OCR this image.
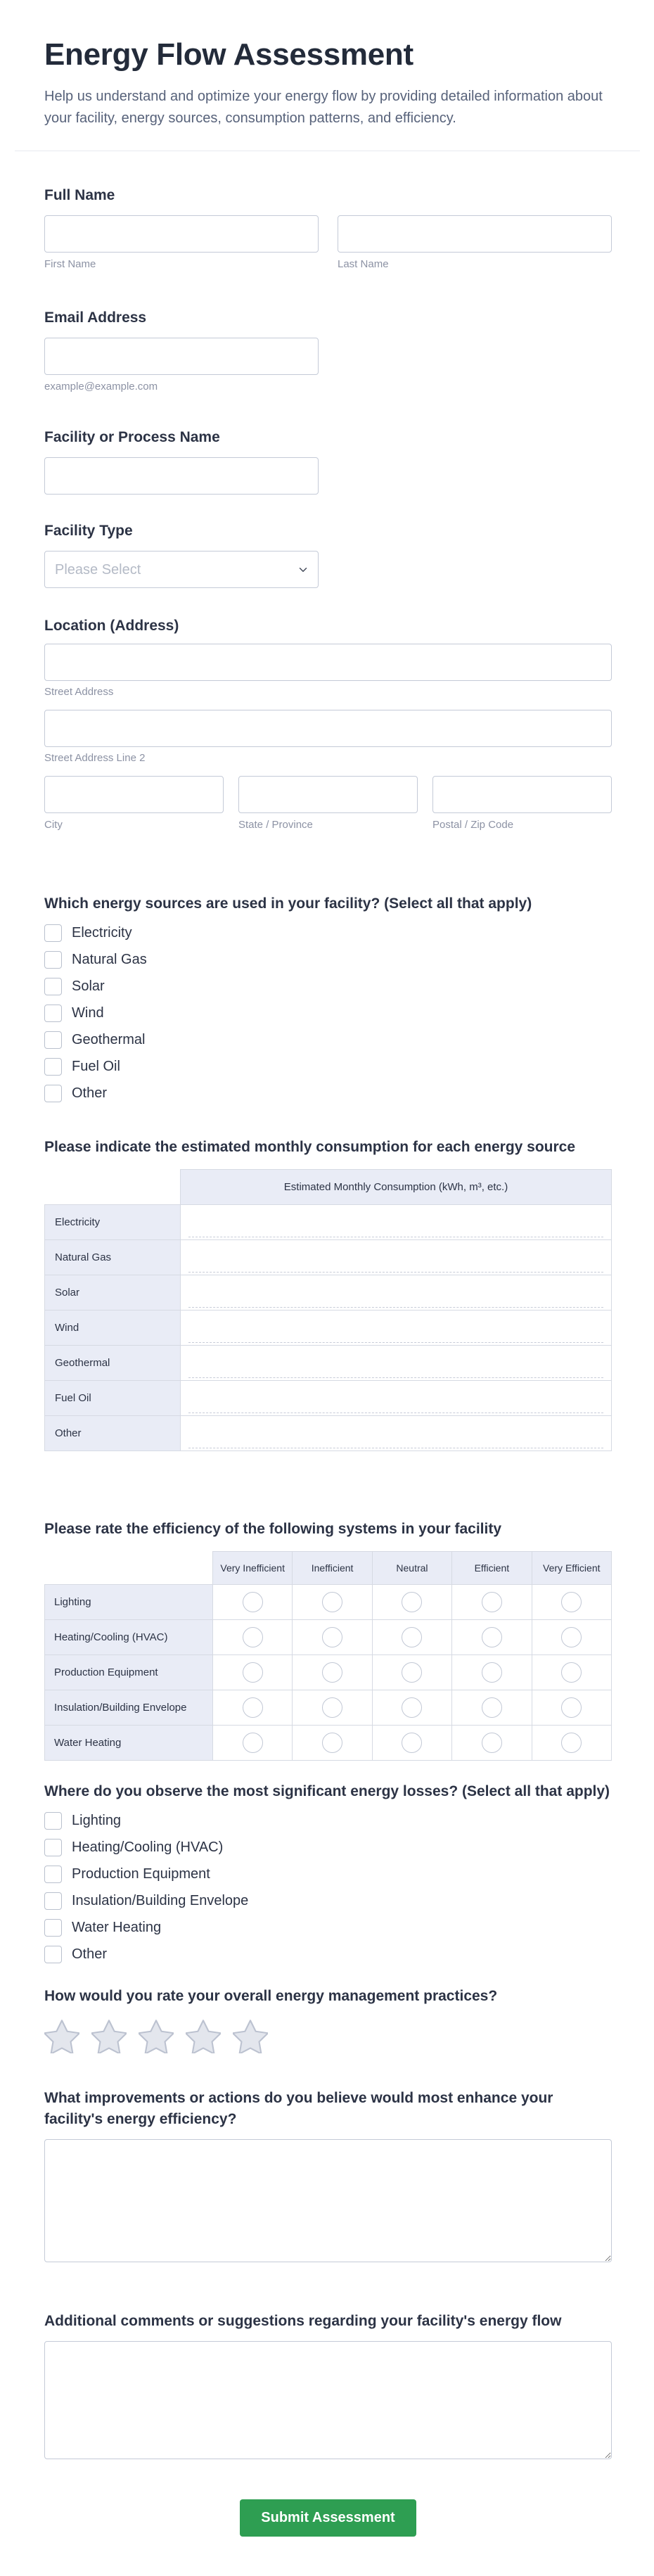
Energy Flow Assessment

Help us understand and optimize your energy flow by providing detailed information about your facility, energy sources, consumption patterns, and efficiency.

Full Name
First Name	Last Name
Email Address
example@example.com
Facility or Process Name
Facility Type
Please Select
Location (Address)
Street Address
Street Address Line 2
City	State / Province	Postal / Zip Code
Which energy sources are used in your facility? (Select all that apply)
Electricity
Natural Gas
Solar
Wind
Geothermal
Fuel Oil
Other
Please indicate the estimated monthly consumption for each energy source
	Estimated Monthly Consumption (kWh, m³, etc.)
Electricity	

Natural Gas	

Solar	

Wind	

Geothermal	

Fuel Oil	

Other	
Please rate the efficiency of the following systems in your facility
	Very Inefficient	Inefficient	Neutral	Efficient	Very Efficient
Lighting					
Heating/Cooling (HVAC)					
Production Equipment					
Insulation/Building Envelope					
Water Heating					
Where do you observe the most significant energy losses? (Select all that apply)
Lighting
Heating/Cooling (HVAC)
Production Equipment
Insulation/Building Envelope
Water Heating
Other
How would you rate your overall energy management practices?
What improvements or actions do you believe would most enhance your facility's energy efficiency?
Additional comments or suggestions regarding your facility's energy flow
Submit Assessment
